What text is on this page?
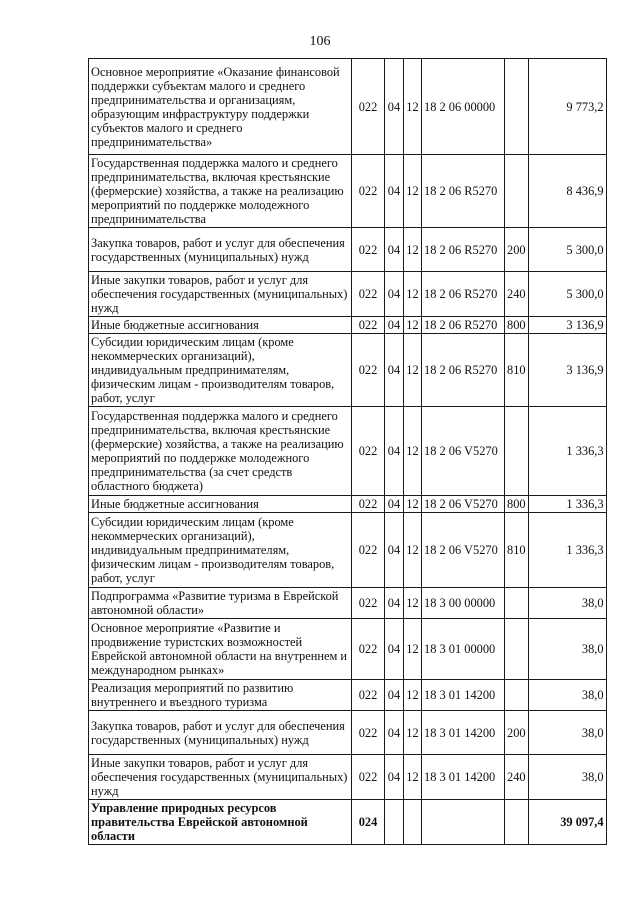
106
Основное мероприятие «Оказание финансовой поддержки субъектам малого и среднего предпринимательства и организациям, образующим инфраструктуру поддержки субъектов малого и среднего предпринимательства»	022	04	12	18 2 06 00000		9 773,2
Государственная поддержка малого и среднего предпринимательства, включая крестьянские (фермерские) хозяйства, а также на реализацию мероприятий по поддержке молодежного предпринимательства	022	04	12	18 2 06 R5270		8 436,9
Закупка товаров, работ и услуг для обеспечения государственных (муниципальных) нужд	022	04	12	18 2 06 R5270	200	5 300,0
Иные закупки товаров, работ и услуг для обеспечения государственных (муниципальных) нужд	022	04	12	18 2 06 R5270	240	5 300,0
Иные бюджетные ассигнования	022	04	12	18 2 06 R5270	800	3 136,9
Субсидии юридическим лицам (кроме некоммерческих организаций), индивидуальным предпринимателям, физическим лицам - производителям товаров, работ, услуг	022	04	12	18 2 06 R5270	810	3 136,9
Государственная поддержка малого и среднего предпринимательства, включая крестьянские (фермерские) хозяйства, а также на реализацию мероприятий по поддержке молодежного предпринимательства (за счет средств областного бюджета)	022	04	12	18 2 06 V5270		1 336,3
Иные бюджетные ассигнования	022	04	12	18 2 06 V5270	800	1 336,3
Субсидии юридическим лицам (кроме некоммерческих организаций), индивидуальным предпринимателям, физическим лицам - производителям товаров, работ, услуг	022	04	12	18 2 06 V5270	810	1 336,3
Подпрограмма «Развитие туризма в Еврейской автономной области»	022	04	12	18 3 00 00000		38,0
Основное мероприятие «Развитие и продвижение туристских возможностей Еврейской автономной области на внутреннем и международном рынках»	022	04	12	18 3 01 00000		38,0
Реализация мероприятий по развитию внутреннего и въездного туризма	022	04	12	18 3 01 14200		38,0
Закупка товаров, работ и услуг для обеспечения государственных (муниципальных) нужд	022	04	12	18 3 01 14200	200	38,0
Иные закупки товаров, работ и услуг для обеспечения государственных (муниципальных) нужд	022	04	12	18 3 01 14200	240	38,0
Управление природных ресурсов правительства Еврейской автономной области	024					39 097,4
